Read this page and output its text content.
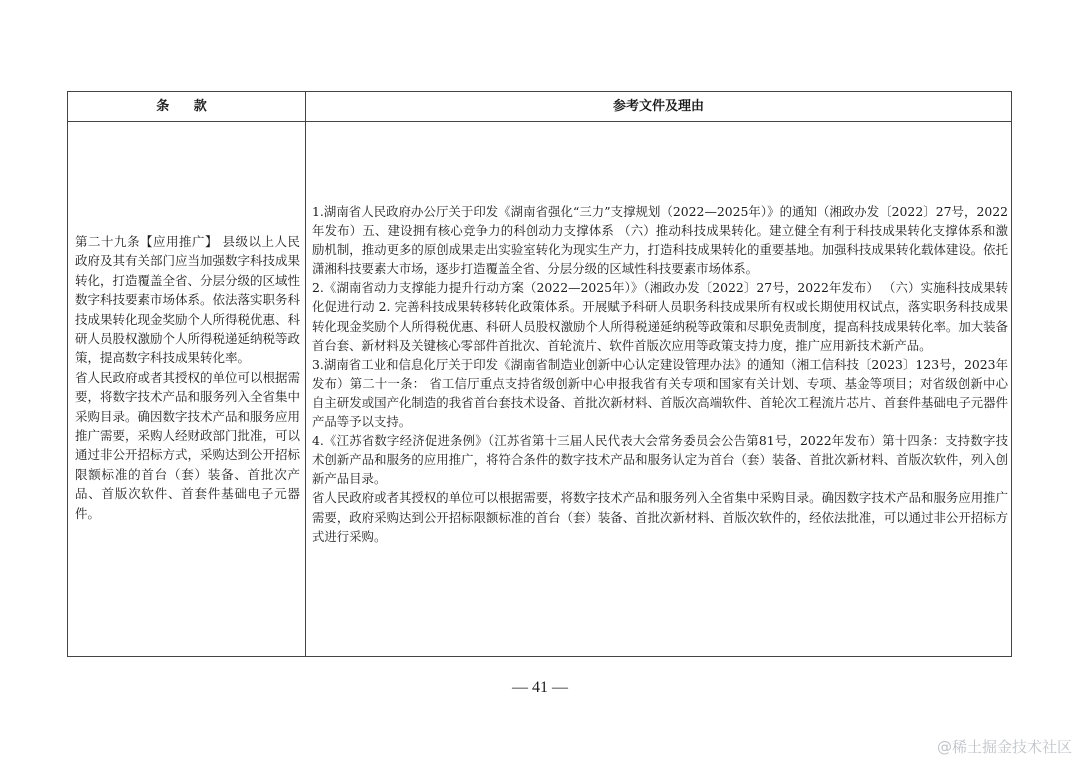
条 款	参考文件及理由

第二十九条【应用推广】 县级以上人民政府及其有关部门应当加强数字科技成果转化，打造覆盖全省、分层分级的区域性数字科技要素市场体系。依法落实职务科技成果转化现金奖励个人所得税优惠、科研人员股权激励个人所得税递延纳税等政策，提高数字科技成果转化率。

省人民政府或者其授权的单位可以根据需要，将数字技术产品和服务列入全省集中采购目录。确因数字技术产品和服务应用推广需要，采购人经财政部门批准，可以通过非公开招标方式，采购达到公开招标限额标准的首台（套）装备、首批次产品、首版次软件、首套件基础电子元器件。

1.湖南省人民政府办公厅关于印发《湖南省强化“三力”支撑规划（2022—2025年）》的通知（湘政办发〔2022〕27号，2022年发布）五、建设拥有核心竞争力的科创动力支撑体系 （六）推动科技成果转化。建立健全有利于科技成果转化支撑体系和激励机制，推动更多的原创成果走出实验室转化为现实生产力，打造科技成果转化的重要基地。加强科技成果转化载体建设。依托潇湘科技要素大市场，逐步打造覆盖全省、分层分级的区域性科技要素市场体系。

2.《湖南省动力支撑能力提升行动方案（2022—2025年）》（湘政办发〔2022〕27号，2022年发布） （六）实施科技成果转化促进行动 2. 完善科技成果转移转化政策体系。开展赋予科研人员职务科技成果所有权或长期使用权试点，落实职务科技成果转化现金奖励个人所得税优惠、科研人员股权激励个人所得税递延纳税等政策和尽职免责制度，提高科技成果转化率。加大装备首台套、新材料及关键核心零部件首批次、首轮流片、软件首版次应用等政策支持力度，推广应用新技术新产品。

3.湖南省工业和信息化厅关于印发《湖南省制造业创新中心认定建设管理办法》的通知（湘工信科技〔2023〕123号，2023年发布）第二十一条： 省工信厅重点支持省级创新中心申报我省有关专项和国家有关计划、专项、基金等项目；对省级创新中心自主研发或国产化制造的我省首台套技术设备、首批次新材料、首版次高端软件、首轮次工程流片芯片、首套件基础电子元器件产品等予以支持。

4.《江苏省数字经济促进条例》（江苏省第十三届人民代表大会常务委员会公告第81号，2022年发布）第十四条：支持数字技术创新产品和服务的应用推广，将符合条件的数字技术产品和服务认定为首台（套）装备、首批次新材料、首版次软件，列入创新产品目录。

省人民政府或者其授权的单位可以根据需要，将数字技术产品和服务列入全省集中采购目录。确因数字技术产品和服务应用推广需要，政府采购达到公开招标限额标准的首台（套）装备、首批次新材料、首版次软件的，经依法批准，可以通过非公开招标方式进行采购。

— 41 —
@稀土掘金技术社区
